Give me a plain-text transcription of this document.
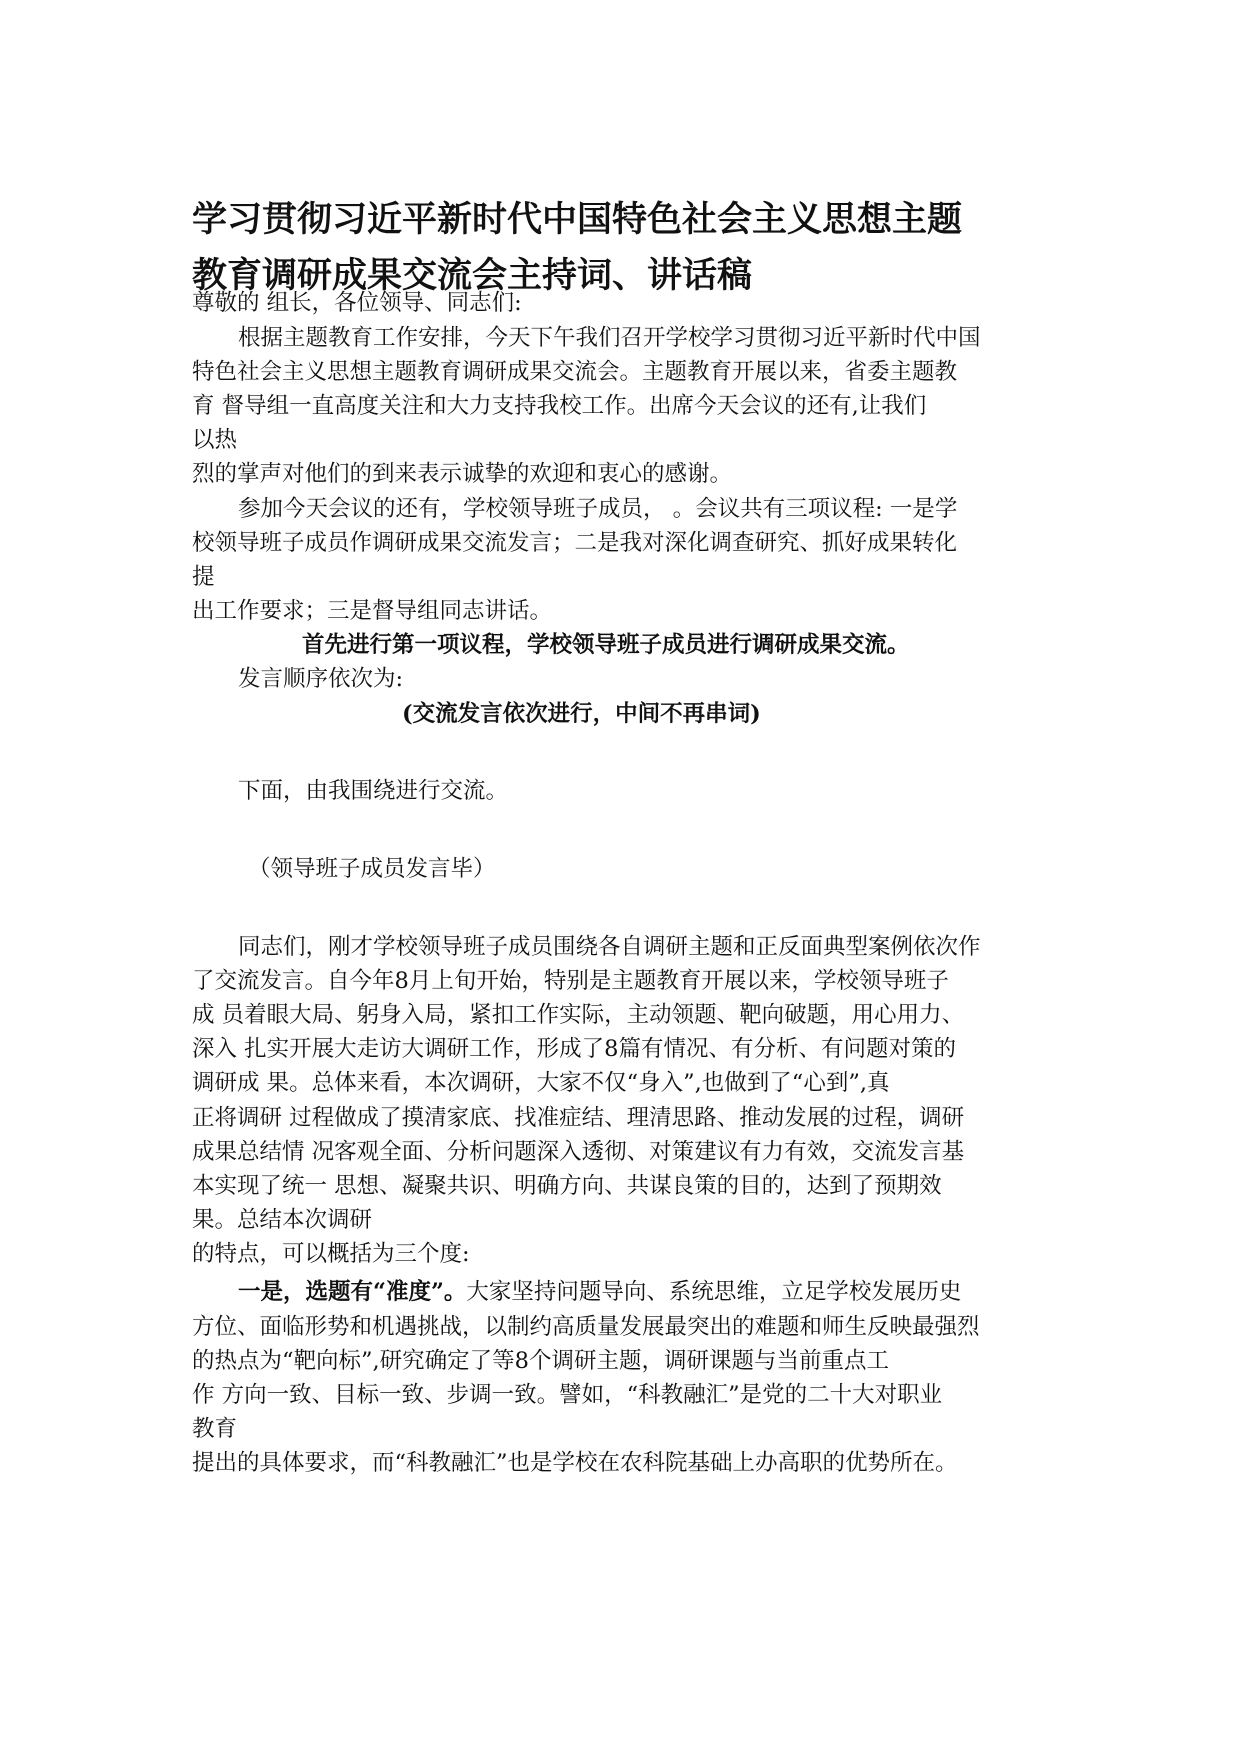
学习贯彻习近平新时代中国特色社会主义思想主题
教育调研成果交流会主持词、讲话稿
尊敬的 组长，各位领导、同志们:
根据主题教育工作安排，今天下午我们召开学校学习贯彻习近平新时代中国
特色社会主义思想主题教育调研成果交流会。主题教育开展以来，省委主题教
育 督导组一直高度关注和大力支持我校工作。出席今天会议的还有,让我们
以热
烈的掌声对他们的到来表示诚挚的欢迎和衷心的感谢。
参加今天会议的还有，学校领导班子成员， 。会议共有三项议程: 一是学
校领导班子成员作调研成果交流发言；二是我对深化调查研究、抓好成果转化
提
出工作要求；三是督导组同志讲话。
首先进行第一项议程，学校领导班子成员进行调研成果交流。
发言顺序依次为:
(交流发言依次进行，中间不再串词)
下面，由我围绕进行交流。
（领导班子成员发言毕）
同志们，刚才学校领导班子成员围绕各自调研主题和正反面典型案例依次作
了交流发言。自今年8月上旬开始，特别是主题教育开展以来，学校领导班子
成 员着眼大局、躬身入局，紧扣工作实际，主动领题、靶向破题，用心用力、
深入 扎实开展大走访大调研工作，形成了8篇有情况、有分析、有问题对策的
调研成 果。总体来看，本次调研，大家不仅“身入”,也做到了“心到”,真
正将调研 过程做成了摸清家底、找准症结、理清思路、推动发展的过程，调研
成果总结情 况客观全面、分析问题深入透彻、对策建议有力有效，交流发言基
本实现了统一 思想、凝聚共识、明确方向、共谋良策的目的，达到了预期效
果。总结本次调研
的特点，可以概括为三个度:
一是，选题有“准度”。大家坚持问题导向、系统思维，立足学校发展历史
方位、面临形势和机遇挑战，以制约高质量发展最突出的难题和师生反映最强烈
的热点为“靶向标”,研究确定了等8个调研主题，调研课题与当前重点工
作 方向一致、目标一致、步调一致。譬如，“科教融汇”是党的二十大对职业
教育
提出的具体要求，而“科教融汇”也是学校在农科院基础上办高职的优势所在。
